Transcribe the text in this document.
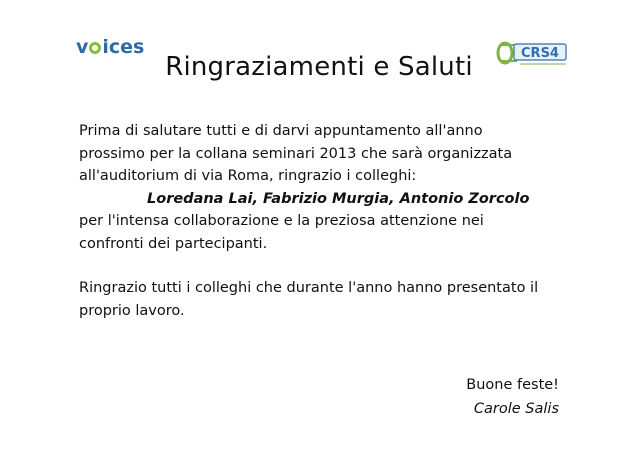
v ices	CRS4
Ringraziamenti e Saluti

Prima di salutare tutti e di darvi appuntamento all'anno

prossimo per la collana seminari 2013 che sarà organizzata

all'auditorium di via Roma, ringrazio i colleghi:

Loredana Lai, Fabrizio Murgia, Antonio Zorcolo

per l'intensa collaborazione e la preziosa attenzione nei

confronti dei partecipanti.

Ringrazio tutti i colleghi che durante l'anno hanno presentato il

proprio lavoro.

Buone feste!
Carole Salis
